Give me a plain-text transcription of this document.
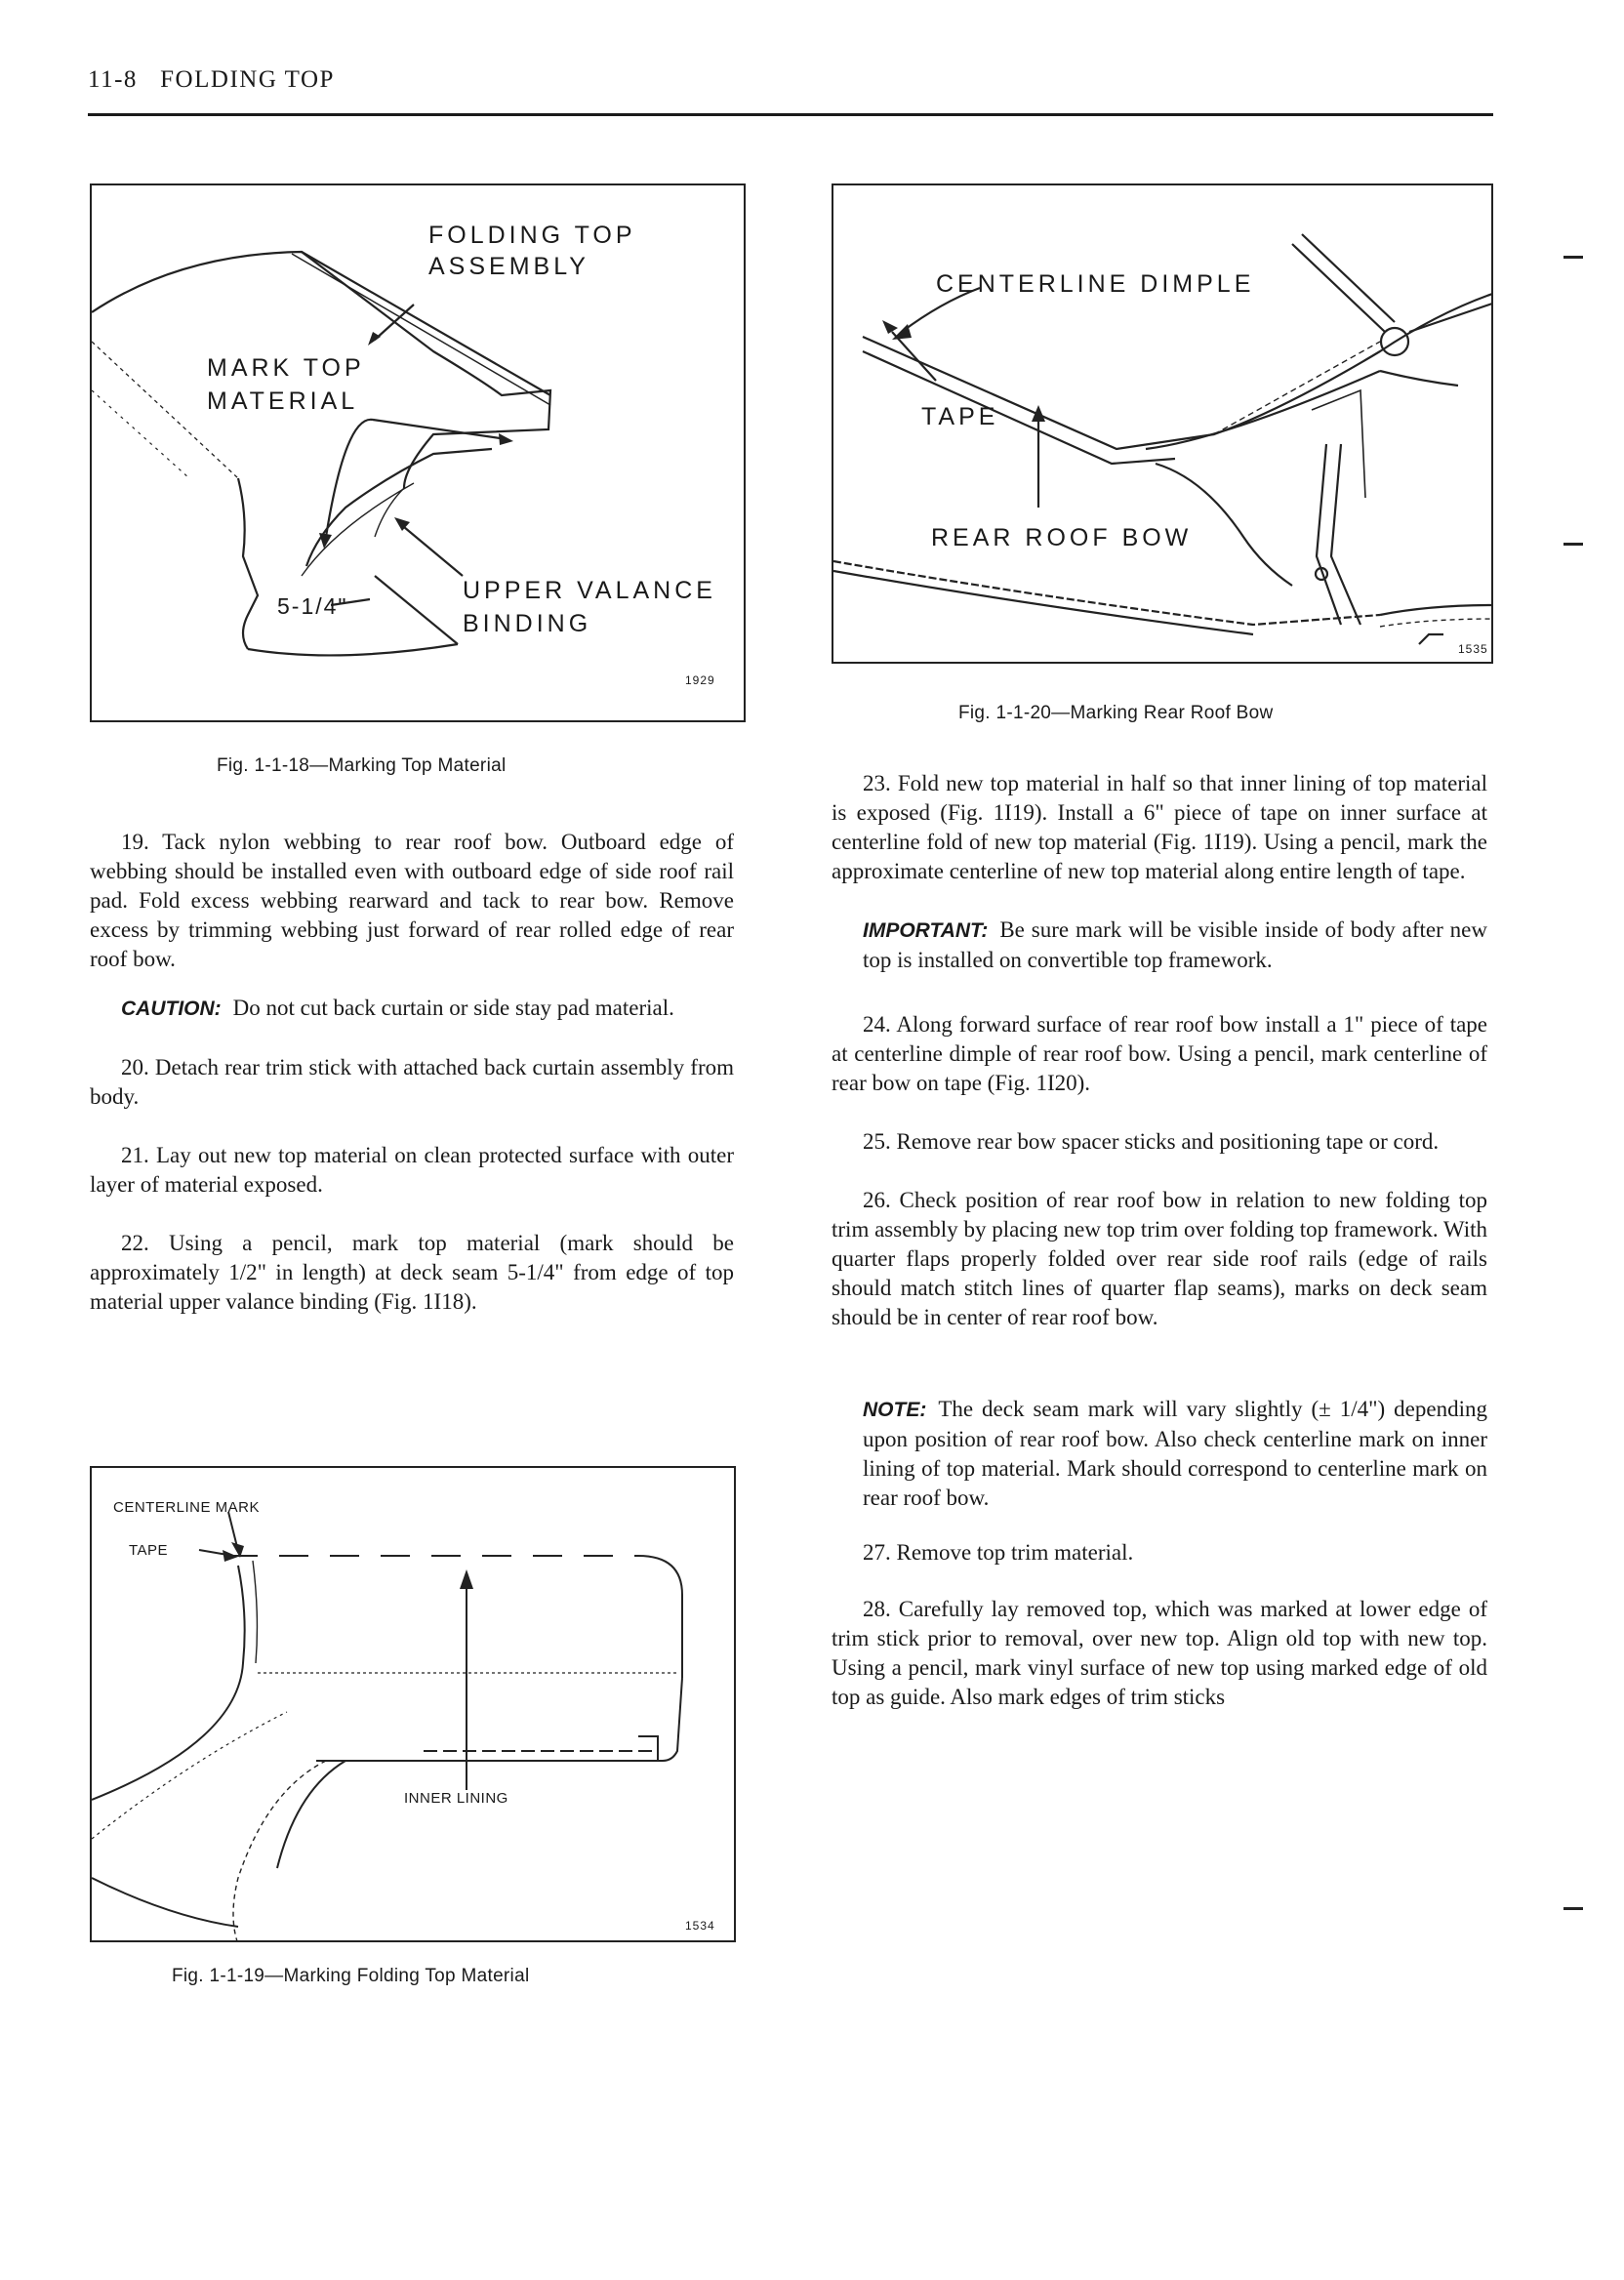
11-8 FOLDING TOP
FOLDING TOP
ASSEMBLY
MARK TOP
MATERIAL
UPPER VALANCE
BINDING
5-1/4"
1929
Fig. 1-1-18—Marking Top Material
CENTERLINE DIMPLE
TAPE
REAR ROOF BOW
1535
Fig. 1-1-20—Marking Rear Roof Bow
19. Tack nylon webbing to rear roof bow. Outboard edge of webbing should be installed even with outboard edge of side roof rail pad. Fold excess webbing rearward and tack to rear bow. Remove excess by trimming webbing just forward of rear rolled edge of rear roof bow.
CAUTION: Do not cut back curtain or side stay pad material.
20. Detach rear trim stick with attached back curtain assembly from body.
21. Lay out new top material on clean protected surface with outer layer of material exposed.
22. Using a pencil, mark top material (mark should be approximately 1/2" in length) at deck seam 5-1/4" from edge of top material upper valance binding (Fig. 1I18).
CENTERLINE MARK
TAPE
INNER LINING
1534
Fig. 1-1-19—Marking Folding Top Material
23. Fold new top material in half so that inner lining of top material is exposed (Fig. 1I19). Install a 6" piece of tape on inner surface at centerline fold of new top material (Fig. 1I19). Using a pencil, mark the approximate centerline of new top material along entire length of tape.
IMPORTANT: Be sure mark will be visible inside of body after new top is installed on convertible top framework.
24. Along forward surface of rear roof bow install a 1" piece of tape at centerline dimple of rear roof bow. Using a pencil, mark centerline of rear bow on tape (Fig. 1I20).
25. Remove rear bow spacer sticks and positioning tape or cord.
26. Check position of rear roof bow in relation to new folding top trim assembly by placing new top trim over folding top framework. With quarter flaps properly folded over rear side roof rails (edge of rails should match stitch lines of quarter flap seams), marks on deck seam should be in center of rear roof bow.
NOTE: The deck seam mark will vary slightly (± 1/4") depending upon position of rear roof bow. Also check centerline mark on inner lining of top material. Mark should correspond to centerline mark on rear roof bow.
27. Remove top trim material.
28. Carefully lay removed top, which was marked at lower edge of trim stick prior to removal, over new top. Align old top with new top. Using a pencil, mark vinyl surface of new top using marked edge of old top as guide. Also mark edges of trim sticks
